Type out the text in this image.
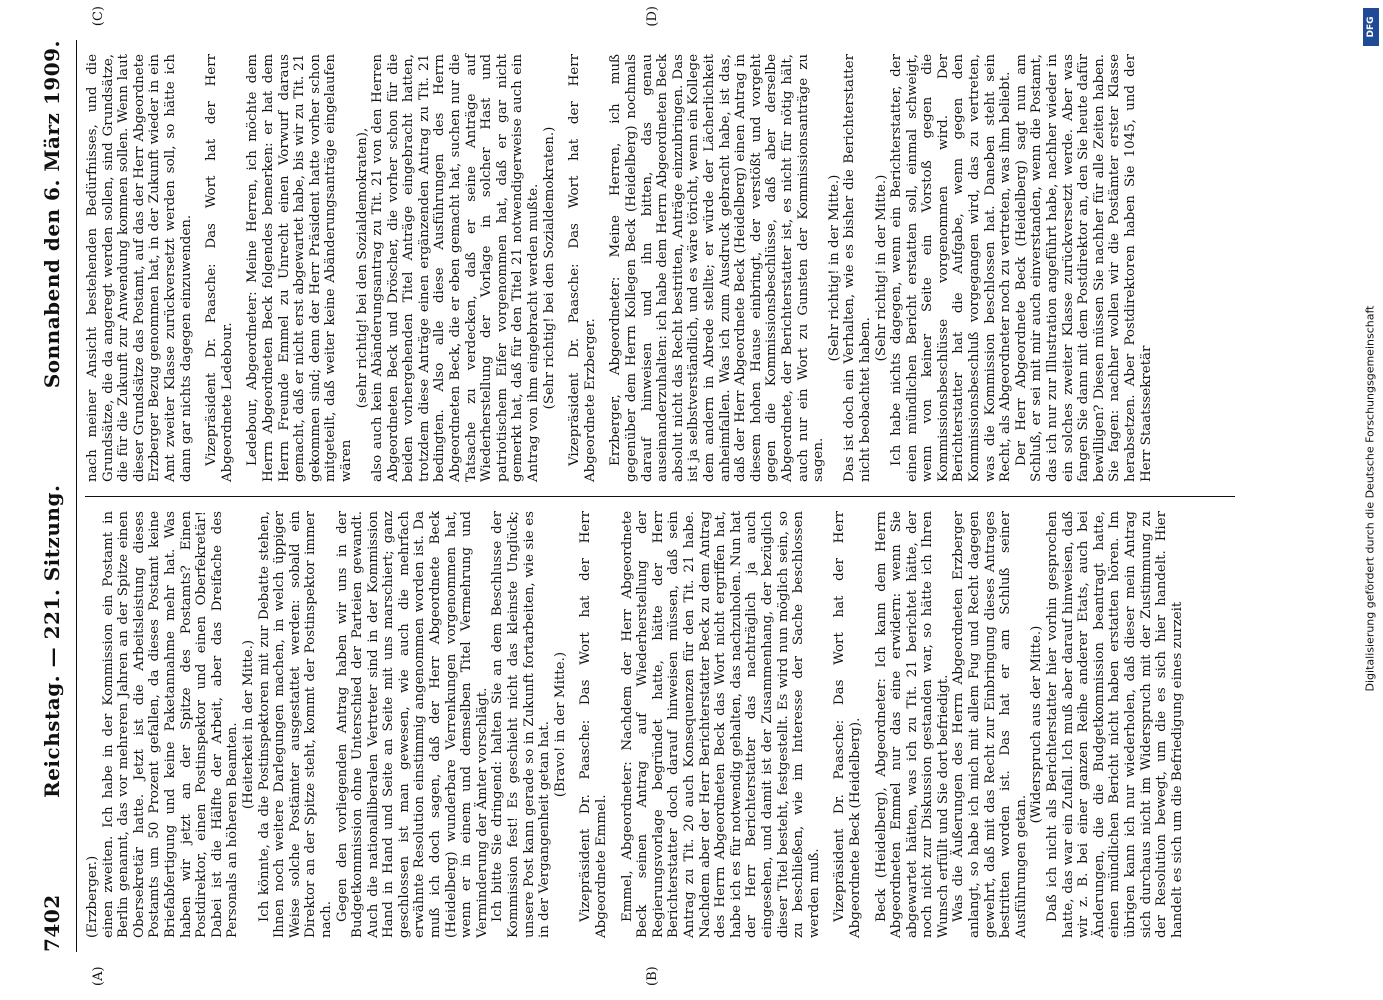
7402
Reichstag. — 221. Sitzung.
Sonnabend den 6. März 1909.
(A)	(B)
(C)	(D)

(Erzberger.) einen zweiten. Ich habe in der Kommission ein Postamt in Berlin genannt, das vor mehreren Jahren an der Spitze einen Obersekretär hatte. Jetzt ist die Arbeitsleistung dieses Postamts um 50 Prozent gefallen, da dieses Postamt keine Briefabfertigung und keine Paketannahme mehr hat. Was haben wir jetzt an der Spitze des Postamts? Einen Postdirektor, einen Postinspektor und einen Oberfekretär! Dabei ist die Hälfte der Arbeit, aber das Dreifache des Personals an höheren Beamten. (Heiterkeit in der Mitte.) Ich könnte, da die Postinspektoren mit zur Debatte stehen, Ihnen noch weitere Darlegungen machen, in welch üppiger Weise solche Postämter ausgestattet werden: sobald ein Direktor an der Spitze steht, kommt der Postinspektor immer nach. Gegen den vorliegenden Antrag haben wir uns in der Budgetkommission ohne Unterschied der Parteien gewandt. Auch die nationalliberalen Vertreter sind in der Kommission Hand in Hand und Seite an Seite mit uns marschiert; ganz geschlossen ist man gewesen, wie auch die mehrfach erwähnte Resolution einstimmig angenommen worden ist. Da muß ich doch sagen, daß der Herr Abgeordnete Beck (Heidelberg) wunderbare Verrenkungen vorgenommen hat, wenn er in einem und demselben Titel Vermehrung und Verminderung der Ämter vorschlägt. Ich bitte Sie dringend: halten Sie an dem Beschlusse der Kommission fest! Es geschieht nicht das kleinste Unglück; unsere Post kann gerade so in Zukunft fortarbeiten, wie sie es in der Vergangenheit getan hat. (Bravo! in der Mitte.) Vizepräsident Dr. Paasche: Das Wort hat der Herr Abgeordnete Emmel. Emmel, Abgeordneter: Nachdem der Herr Abgeordnete Beck seinen Antrag auf Wiederherstellung der Regierungsvorlage begründet hatte, hätte der Herr Berichterstatter doch darauf hinweisen müssen, daß sein Antrag zu Tit. 20 auch Konsequenzen für den Tit. 21 habe. Nachdem aber der Herr Berichterstatter Beck zu dem Antrag des Herrn Abgeordneten Beck das Wort nicht ergriffen hat, habe ich es für notwendig gehalten, das nachzuholen. Nun hat der Herr Berichterstatter das nachträglich ja auch eingesehen, und damit ist der Zusammenhang, der bezüglich dieser Titel besteht, festgestellt. Es wird nun möglich sein, so zu beschließen, wie im Interesse der Sache beschlossen werden muß. Vizepräsident Dr. Paasche: Das Wort hat der Herr Abgeordnete Beck (Heidelberg). Beck (Heidelberg), Abgeordneter: Ich kann dem Herrn Abgeordneten Emmel nur das eine erwidern: wenn Sie abgewartet hätten, was ich zu Tit. 21 berichtet hätte, der noch nicht zur Diskussion gestanden war, so hätte ich Ihren Wunsch erfüllt und Sie dort befriedigt. Was die Äußerungen des Herrn Abgeordneten Erzberger anlangt, so habe ich mich mit allem Fug und Recht dagegen gewehrt, daß mit das Recht zur Einbringung dieses Antrages bestritten worden ist. Das hat er am Schluß seiner Ausführungen getan.

(Widerspruch aus der Mitte.) Daß ich nicht als Berichterstatter hier vorhin gesprochen hatte, das war ein Zufall. Ich muß aber darauf hinweisen, daß wir z. B. bei einer ganzen Reihe anderer Etats, auch bei Änderungen, die die Budgetkommission beantragt hatte, einen mündlichen Bericht nicht haben erstatten hören. Im übrigen kann ich nur wiederholen, daß dieser mein Antrag sich durchaus nicht im Widerspruch mit der Zustimmung zu der Resolution bewegt, um die es sich hier handelt. Hier handelt es sich um die Befriedigung eines zurzeit

nach meiner Ansicht bestehenden Bedürfnisses, und die Grundsätze, die da angeregt werden sollen, sind Grundsätze, die für die Zukunft zur Anwendung kommen sollen. Wenn laut dieser Grundsätze das Postamt, auf das der Herr Abgeordnete Erzberger Bezug genommen hat, in der Zukunft wieder in ein Amt zweiter Klasse zurückversetzt werden soll, so hätte ich dann gar nichts dagegen einzuwenden. Vizepräsident Dr. Paasche: Das Wort hat der Herr Abgeordnete Ledebour. Ledebour, Abgeordneter: Meine Herren, ich möchte dem Herrn Abgeordneten Beck folgendes bemerken: er hat dem Herrn Freunde Emmel zu Unrecht einen Vorwurf daraus gemacht, daß er nicht erst abgewartet habe, bis wir zu Tit. 21 gekommen sind; denn der Herr Präsident hatte vorher schon mitgeteilt, daß weiter keine Abänderungsanträge eingelaufen wären

(sehr richtig! bei den Sozialdemokraten), also auch kein Abänderungsantrag zu Tit. 21 von den Herren Abgeordneten Beck und Dröscher, die vorher schon für die beiden vorhergehenden Titel Anträge eingebracht hatten, trotzdem diese Anträge einen ergänzenden Antrag zu Tit. 21 bedingten. Also alle diese Ausführungen des Herrn Abgeordneten Beck, die er eben gemacht hat, suchen nur die Tatsache zu verdecken, daß er seine Anträge auf Wiederherstellung der Vorlage in solcher Hast und patriotischem Eifer vorgenommen hat, daß er gar nicht gemerkt hat, daß für den Titel 21 notwendigerweise auch ein Antrag von ihm eingebracht werden mußte. (Sehr richtig! bei den Sozialdemokraten.) Vizepräsident Dr. Paasche: Das Wort hat der Herr Abgeordnete Erzberger. Erzberger, Abgeordneter: Meine Herren, ich muß gegenüber dem Herrn Kollegen Beck (Heidelberg) nochmals darauf hinweisen und ihn bitten, das genau auseinanderzuhalten: ich habe dem Herrn Abgeordneten Beck absolut nicht das Recht bestritten, Anträge einzubringen. Das ist ja selbstverständlich, und es wäre töricht, wenn ein Kollege dem andern in Abrede stellte; er würde der Lächerlichkeit anheimfallen. Was ich zum Ausdruck gebracht habe, ist das, daß der Herr Abgeordnete Beck (Heidelberg) einen Antrag in diesem hohen Hause einbringt, der verstößt und vorgeht gegen die Kommissionsbeschlüsse, daß aber derselbe Abgeordnete, der Berichterstatter ist, es nicht für nötig hält, auch nur ein Wort zu Gunsten der Kommissionsanträge zu sagen.

(Sehr richtig! in der Mitte.) Das ist doch ein Verhalten, wie es bisher die Berichterstatter nicht beobachtet haben.

(Sehr richtig! in der Mitte.) Ich habe nichts dagegen, wenn ein Berichterstatter, der einen mündlichen Bericht erstatten soll, einmal schweigt, wenn von keiner Seite ein Vorstoß gegen die Kommissionsbeschlüsse vorgenommen wird. Der Berichterstatter hat die Aufgabe, wenn gegen den Kommissionsbeschluß vorgegangen wird, das zu vertreten, was die Kommission beschlossen hat. Daneben steht sein Recht, als Abgeordneter noch zu vertreten, was ihm beliebt. Der Herr Abgeordnete Beck (Heidelberg) sagt nun am Schluß, er sei mit mir auch einverstanden, wenn die Postamt, das ich nur zur Illustration angeführt habe, nachher wieder in ein solches zweiter Klasse zurückversetzt werde. Aber was fangen Sie dann mit dem Postdirektor an, den Sie heute dafür bewilligen? Diesen müssen Sie nachher für alle Zeiten haben. Sie fagen: nachher wollen wir die Postämter erster Klasse herabsetzen. Aber Postdirektoren haben Sie 1045, und der Herr Staatssekretär	Digitalisierung gefördert durch die Deutsche Forschungsgemeinschaft
DFG
